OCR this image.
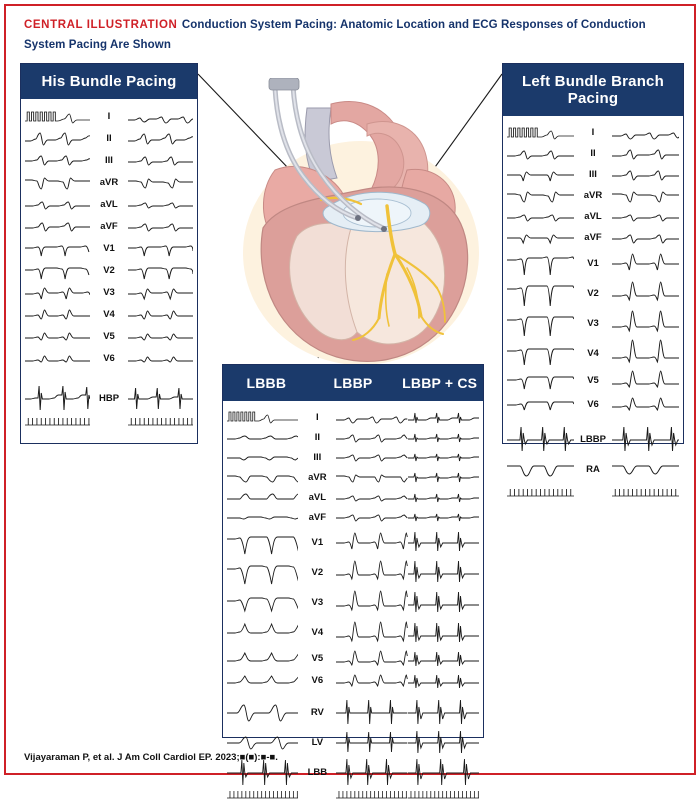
CENTRAL ILLUSTRATION Conduction System Pacing: Anatomic Location and ECG Responses of Conduction System Pacing Are Shown
His Bundle Pacing
I
II
III
aVR
aVL
aVF
V1
V2
V3
V4
V5
V6
HBP
Left Bundle Branch Pacing
I
II
III
aVR
aVL
aVF
V1
V2
V3
V4
V5
V6
LBBP
RA
LBBB	LBBP	LBBP + CS
I
II
III
aVR
aVL
aVF
V1
V2
V3
V4
V5
V6
RV
LV
LBB
Vijayaraman P, et al. J Am Coll Cardiol EP. 2023;■(■):■-■.
